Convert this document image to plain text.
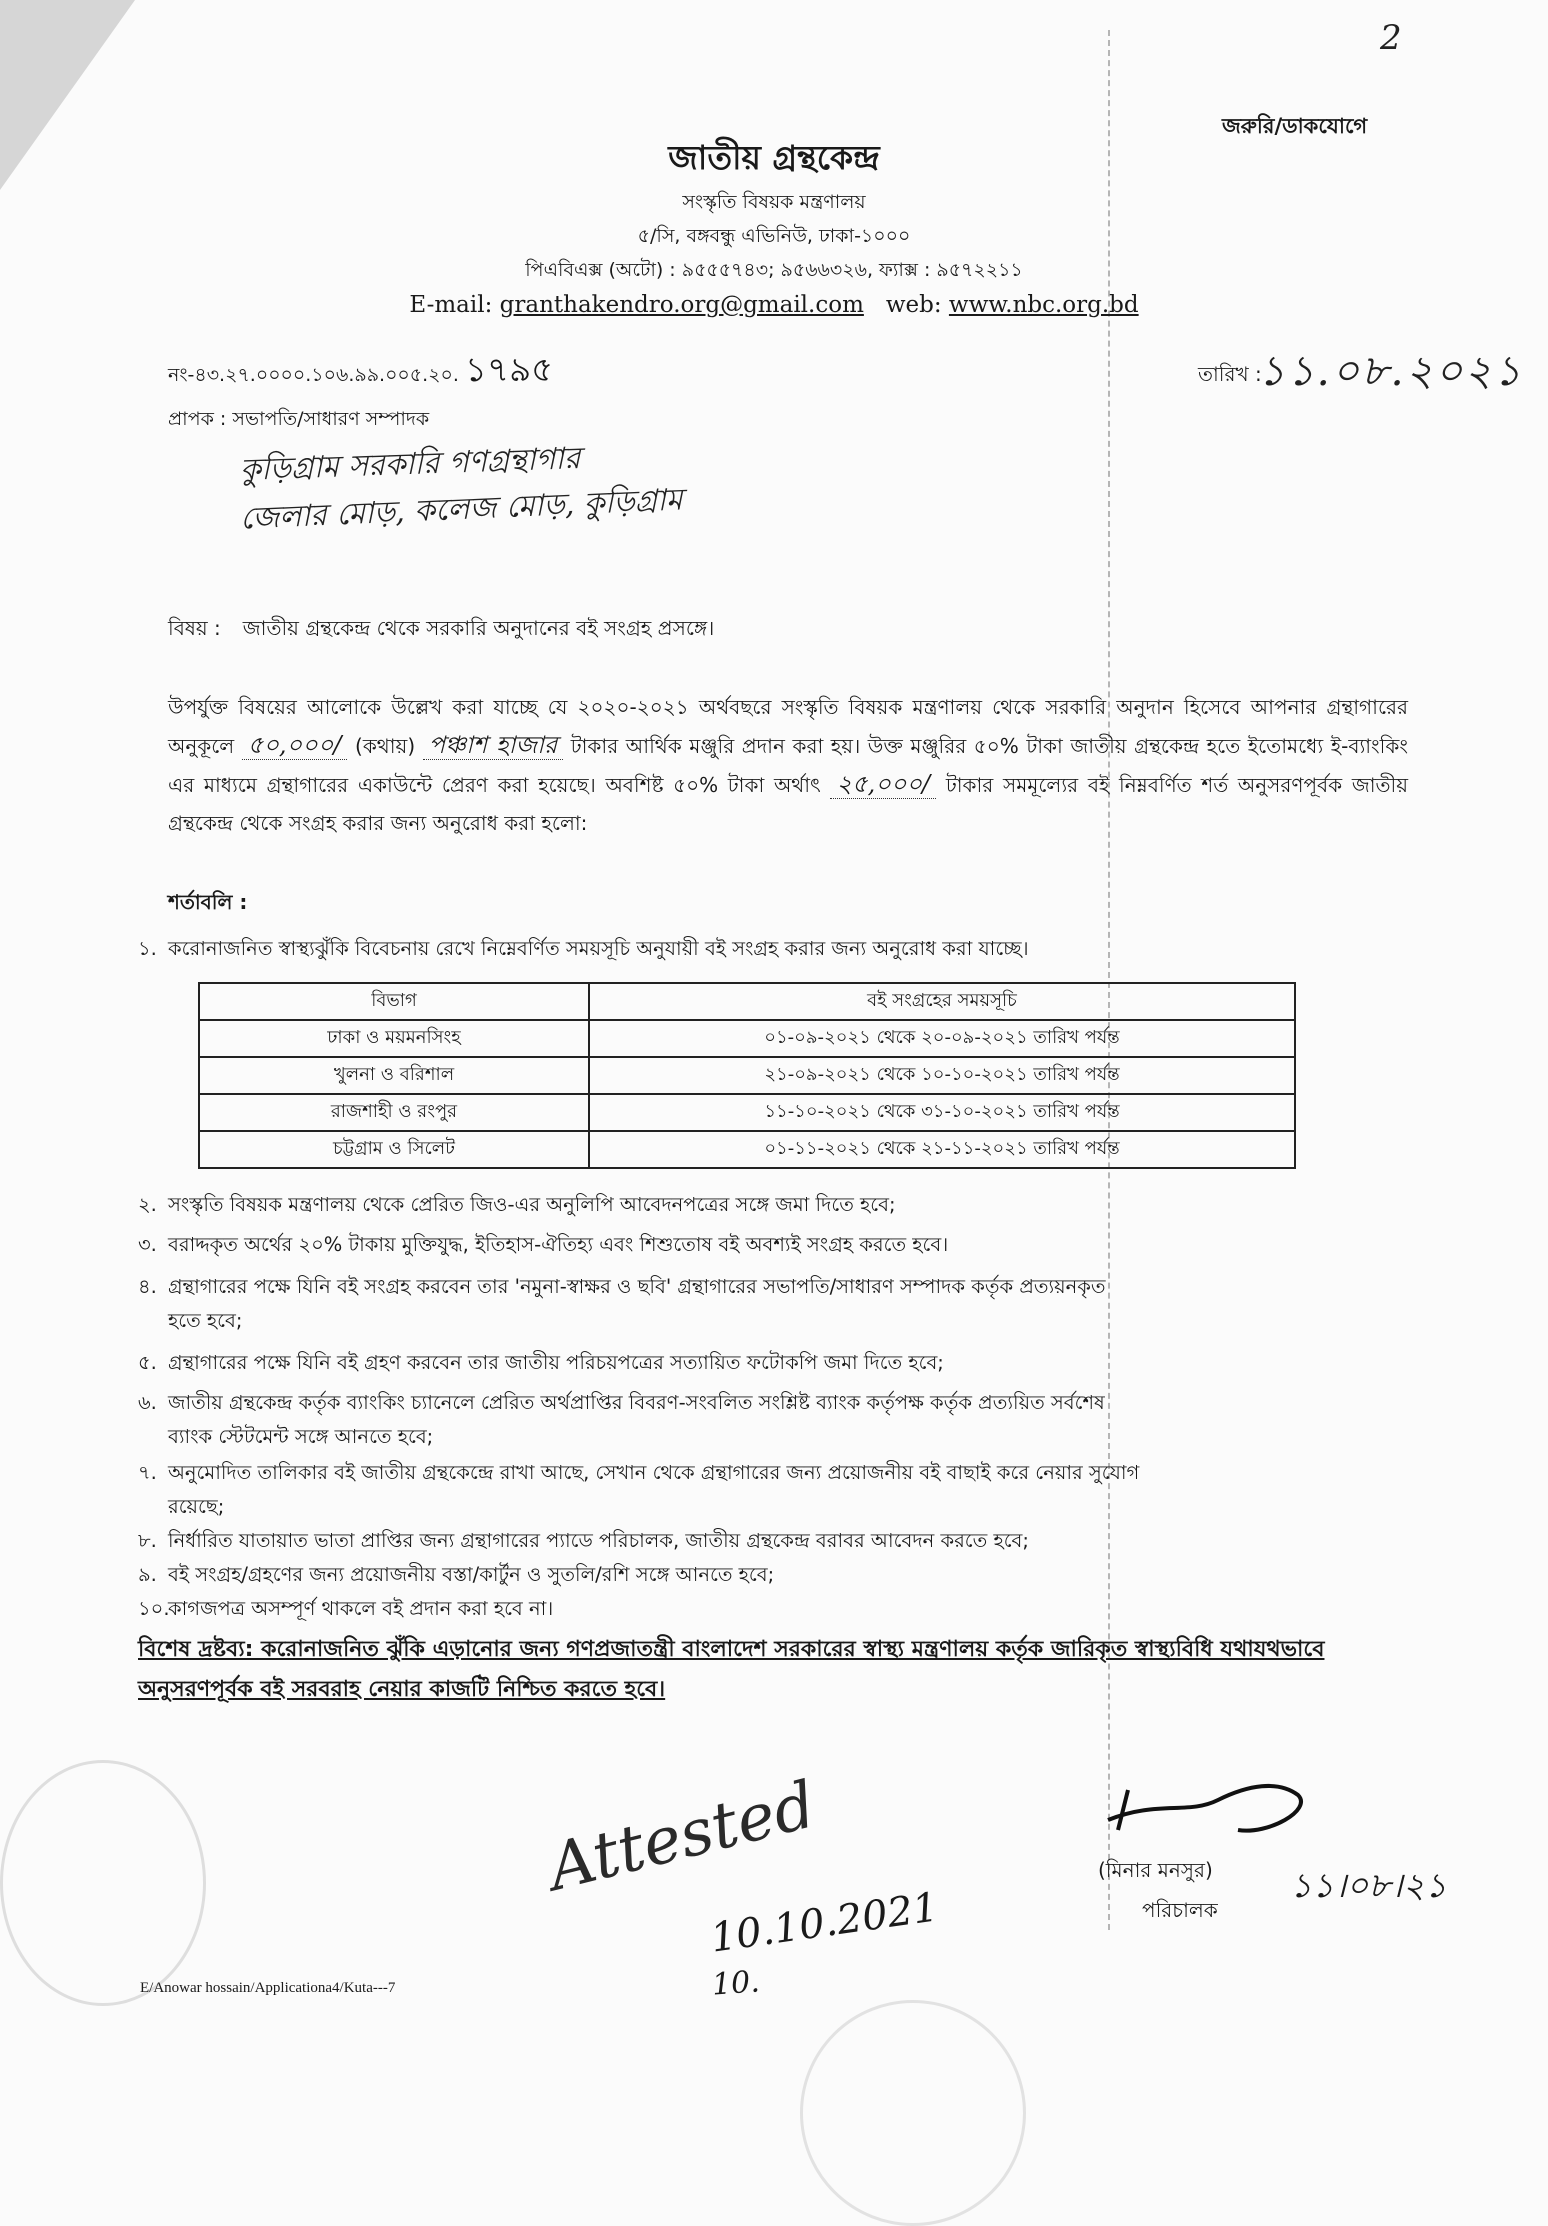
2
জরুরি/ডাকযোগে
জাতীয় গ্রন্থকেন্দ্র
সংস্কৃতি বিষয়ক মন্ত্রণালয়
৫/সি, বঙ্গবন্ধু এভিনিউ, ঢাকা-১০০০
পিএবিএক্স (অটো) : ৯৫৫৫৭৪৩; ৯৫৬৬৩২৬, ফ্যাক্স : ৯৫৭২২১১
E-mail: granthakendro.org@gmail.com web: www.nbc.org.bd
নং-৪৩.২৭.০০০০.১০৬.৯৯.০০৫.২০. ১৭৯৫	তারিখ :
১১.০৮.২০২১
প্রাপক : সভাপতি/সাধারণ সম্পাদক
কুড়িগ্রাম সরকারি গণগ্রন্থাগার
জেলার মোড়, কলেজ মোড়, কুড়িগ্রাম
বিষয় : জাতীয় গ্রন্থকেন্দ্র থেকে সরকারি অনুদানের বই সংগ্রহ প্রসঙ্গে।
উপর্যুক্ত বিষয়ের আলোকে উল্লেখ করা যাচ্ছে যে ২০২০-২০২১ অর্থবছরে সংস্কৃতি বিষয়ক মন্ত্রণালয় থেকে সরকারি অনুদান হিসেবে আপনার গ্রন্থাগারের অনুকূলে ৫০,০০০/ (কথায়) পঞ্চাশ হাজার টাকার আর্থিক মঞ্জুরি প্রদান করা হয়। উক্ত মঞ্জুরির ৫০% টাকা জাতীয় গ্রন্থকেন্দ্র হতে ইতোমধ্যে ই-ব্যাংকিং এর মাধ্যমে গ্রন্থাগারের একাউন্টে প্রেরণ করা হয়েছে। অবশিষ্ট ৫০% টাকা অর্থাৎ ২৫,০০০/ টাকার সমমূল্যের বই নিম্নবর্ণিত শর্ত অনুসরণপূর্বক জাতীয় গ্রন্থকেন্দ্র থেকে সংগ্রহ করার জন্য অনুরোধ করা হলো:
শর্তাবলি :
১. করোনাজনিত স্বাস্থ্যঝুঁকি বিবেচনায় রেখে নিম্নেবর্ণিত সময়সূচি অনুযায়ী বই সংগ্রহ করার জন্য অনুরোধ করা যাচ্ছে।
বিভাগ	বই সংগ্রহের সময়সূচি
ঢাকা ও ময়মনসিংহ	০১-০৯-২০২১ থেকে ২০-০৯-২০২১ তারিখ পর্যন্ত
খুলনা ও বরিশাল	২১-০৯-২০২১ থেকে ১০-১০-২০২১ তারিখ পর্যন্ত
রাজশাহী ও রংপুর	১১-১০-২০২১ থেকে ৩১-১০-২০২১ তারিখ পর্যন্ত
চট্টগ্রাম ও সিলেট	০১-১১-২০২১ থেকে ২১-১১-২০২১ তারিখ পর্যন্ত
২. সংস্কৃতি বিষয়ক মন্ত্রণালয় থেকে প্রেরিত জিও-এর অনুলিপি আবেদনপত্রের সঙ্গে জমা দিতে হবে;
৩. বরাদ্দকৃত অর্থের ২০% টাকায় মুক্তিযুদ্ধ, ইতিহাস-ঐতিহ্য এবং শিশুতোষ বই অবশ্যই সংগ্রহ করতে হবে।
৪. গ্রন্থাগারের পক্ষে যিনি বই সংগ্রহ করবেন তার 'নমুনা-স্বাক্ষর ও ছবি' গ্রন্থাগারের সভাপতি/সাধারণ সম্পাদক কর্তৃক প্রত্যয়নকৃত
হতে হবে;
৫. গ্রন্থাগারের পক্ষে যিনি বই গ্রহণ করবেন তার জাতীয় পরিচয়পত্রের সত্যায়িত ফটোকপি জমা দিতে হবে;
৬. জাতীয় গ্রন্থকেন্দ্র কর্তৃক ব্যাংকিং চ্যানেলে প্রেরিত অর্থপ্রাপ্তির বিবরণ-সংবলিত সংশ্লিষ্ট ব্যাংক কর্তৃপক্ষ কর্তৃক প্রত্যয়িত সর্বশেষ
ব্যাংক স্টেটমেন্ট সঙ্গে আনতে হবে;
৭. অনুমোদিত তালিকার বই জাতীয় গ্রন্থকেন্দ্রে রাখা আছে, সেখান থেকে গ্রন্থাগারের জন্য প্রয়োজনীয় বই বাছাই করে নেয়ার সুযোগ
রয়েছে;
৮. নির্ধারিত যাতায়াত ভাতা প্রাপ্তির জন্য গ্রন্থাগারের প্যাডে পরিচালক, জাতীয় গ্রন্থকেন্দ্র বরাবর আবেদন করতে হবে;
৯. বই সংগ্রহ/গ্রহণের জন্য প্রয়োজনীয় বস্তা/কার্টুন ও সুতলি/রশি সঙ্গে আনতে হবে;
১০.কাগজপত্র অসম্পূর্ণ থাকলে বই প্রদান করা হবে না।
বিশেষ দ্রষ্টব্য: করোনাজনিত ঝুঁকি এড়ানোর জন্য গণপ্রজাতন্ত্রী বাংলাদেশ সরকারের স্বাস্থ্য মন্ত্রণালয় কর্তৃক জারিকৃত স্বাস্থ্যবিধি যথাযথভাবে অনুসরণপূর্বক বই সরবরাহ নেয়ার কাজটি নিশ্চিত করতে হবে।
(মিনার মনসুর)
পরিচালক
১১।০৮।২১
Attested
10.10.2021
10.
E/Anowar hossain/Applicationa4/Kuta---7
